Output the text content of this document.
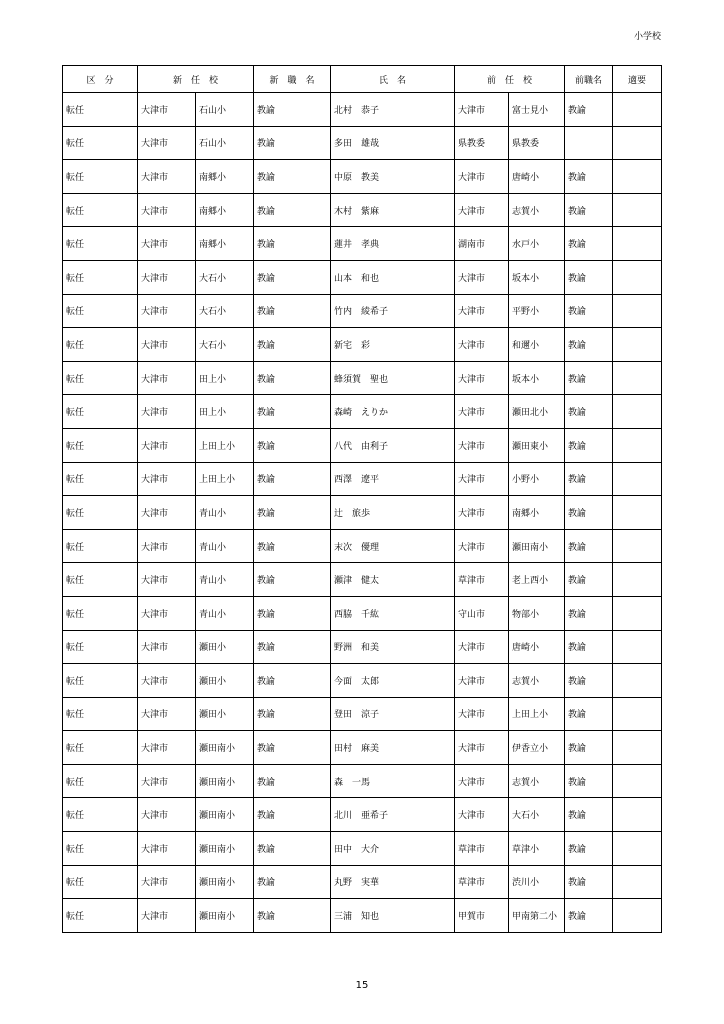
小学校
区　分	新　任　校		新　職　名	氏　名	前　任　校		前職名	適要
転任	大津市	石山小	教諭	北村　恭子	大津市	富士見小	教諭	
転任	大津市	石山小	教諭	多田　雄哉	県教委	県教委		
転任	大津市	南郷小	教諭	中原　教美	大津市	唐崎小	教諭	
転任	大津市	南郷小	教諭	木村　紫麻	大津市	志賀小	教諭	
転任	大津市	南郷小	教諭	蓮井　孝典	湖南市	水戸小	教諭	
転任	大津市	大石小	教諭	山本　和也	大津市	坂本小	教諭	
転任	大津市	大石小	教諭	竹内　綾希子	大津市	平野小	教諭	
転任	大津市	大石小	教諭	新宅　彩	大津市	和邇小	教諭	
転任	大津市	田上小	教諭	蜂須賀　聖也	大津市	坂本小	教諭	
転任	大津市	田上小	教諭	森崎　えりか	大津市	瀬田北小	教諭	
転任	大津市	上田上小	教諭	八代　由利子	大津市	瀬田東小	教諭	
転任	大津市	上田上小	教諭	西澤　遼平	大津市	小野小	教諭	
転任	大津市	青山小	教諭	辻　旅歩	大津市	南郷小	教諭	
転任	大津市	青山小	教諭	末次　優理	大津市	瀬田南小	教諭	
転任	大津市	青山小	教諭	瀬津　健太	草津市	老上西小	教諭	
転任	大津市	青山小	教諭	西脇　千紘	守山市	物部小	教諭	
転任	大津市	瀬田小	教諭	野洲　和美	大津市	唐崎小	教諭	
転任	大津市	瀬田小	教諭	今面　太郎	大津市	志賀小	教諭	
転任	大津市	瀬田小	教諭	登田　涼子	大津市	上田上小	教諭	
転任	大津市	瀬田南小	教諭	田村　麻美	大津市	伊香立小	教諭	
転任	大津市	瀬田南小	教諭	森　一馬	大津市	志賀小	教諭	
転任	大津市	瀬田南小	教諭	北川　亜希子	大津市	大石小	教諭	
転任	大津市	瀬田南小	教諭	田中　大介	草津市	草津小	教諭	
転任	大津市	瀬田南小	教諭	丸野　実華	草津市	渋川小	教諭	
転任	大津市	瀬田南小	教諭	三浦　知也	甲賀市	甲南第二小	教諭	
15
